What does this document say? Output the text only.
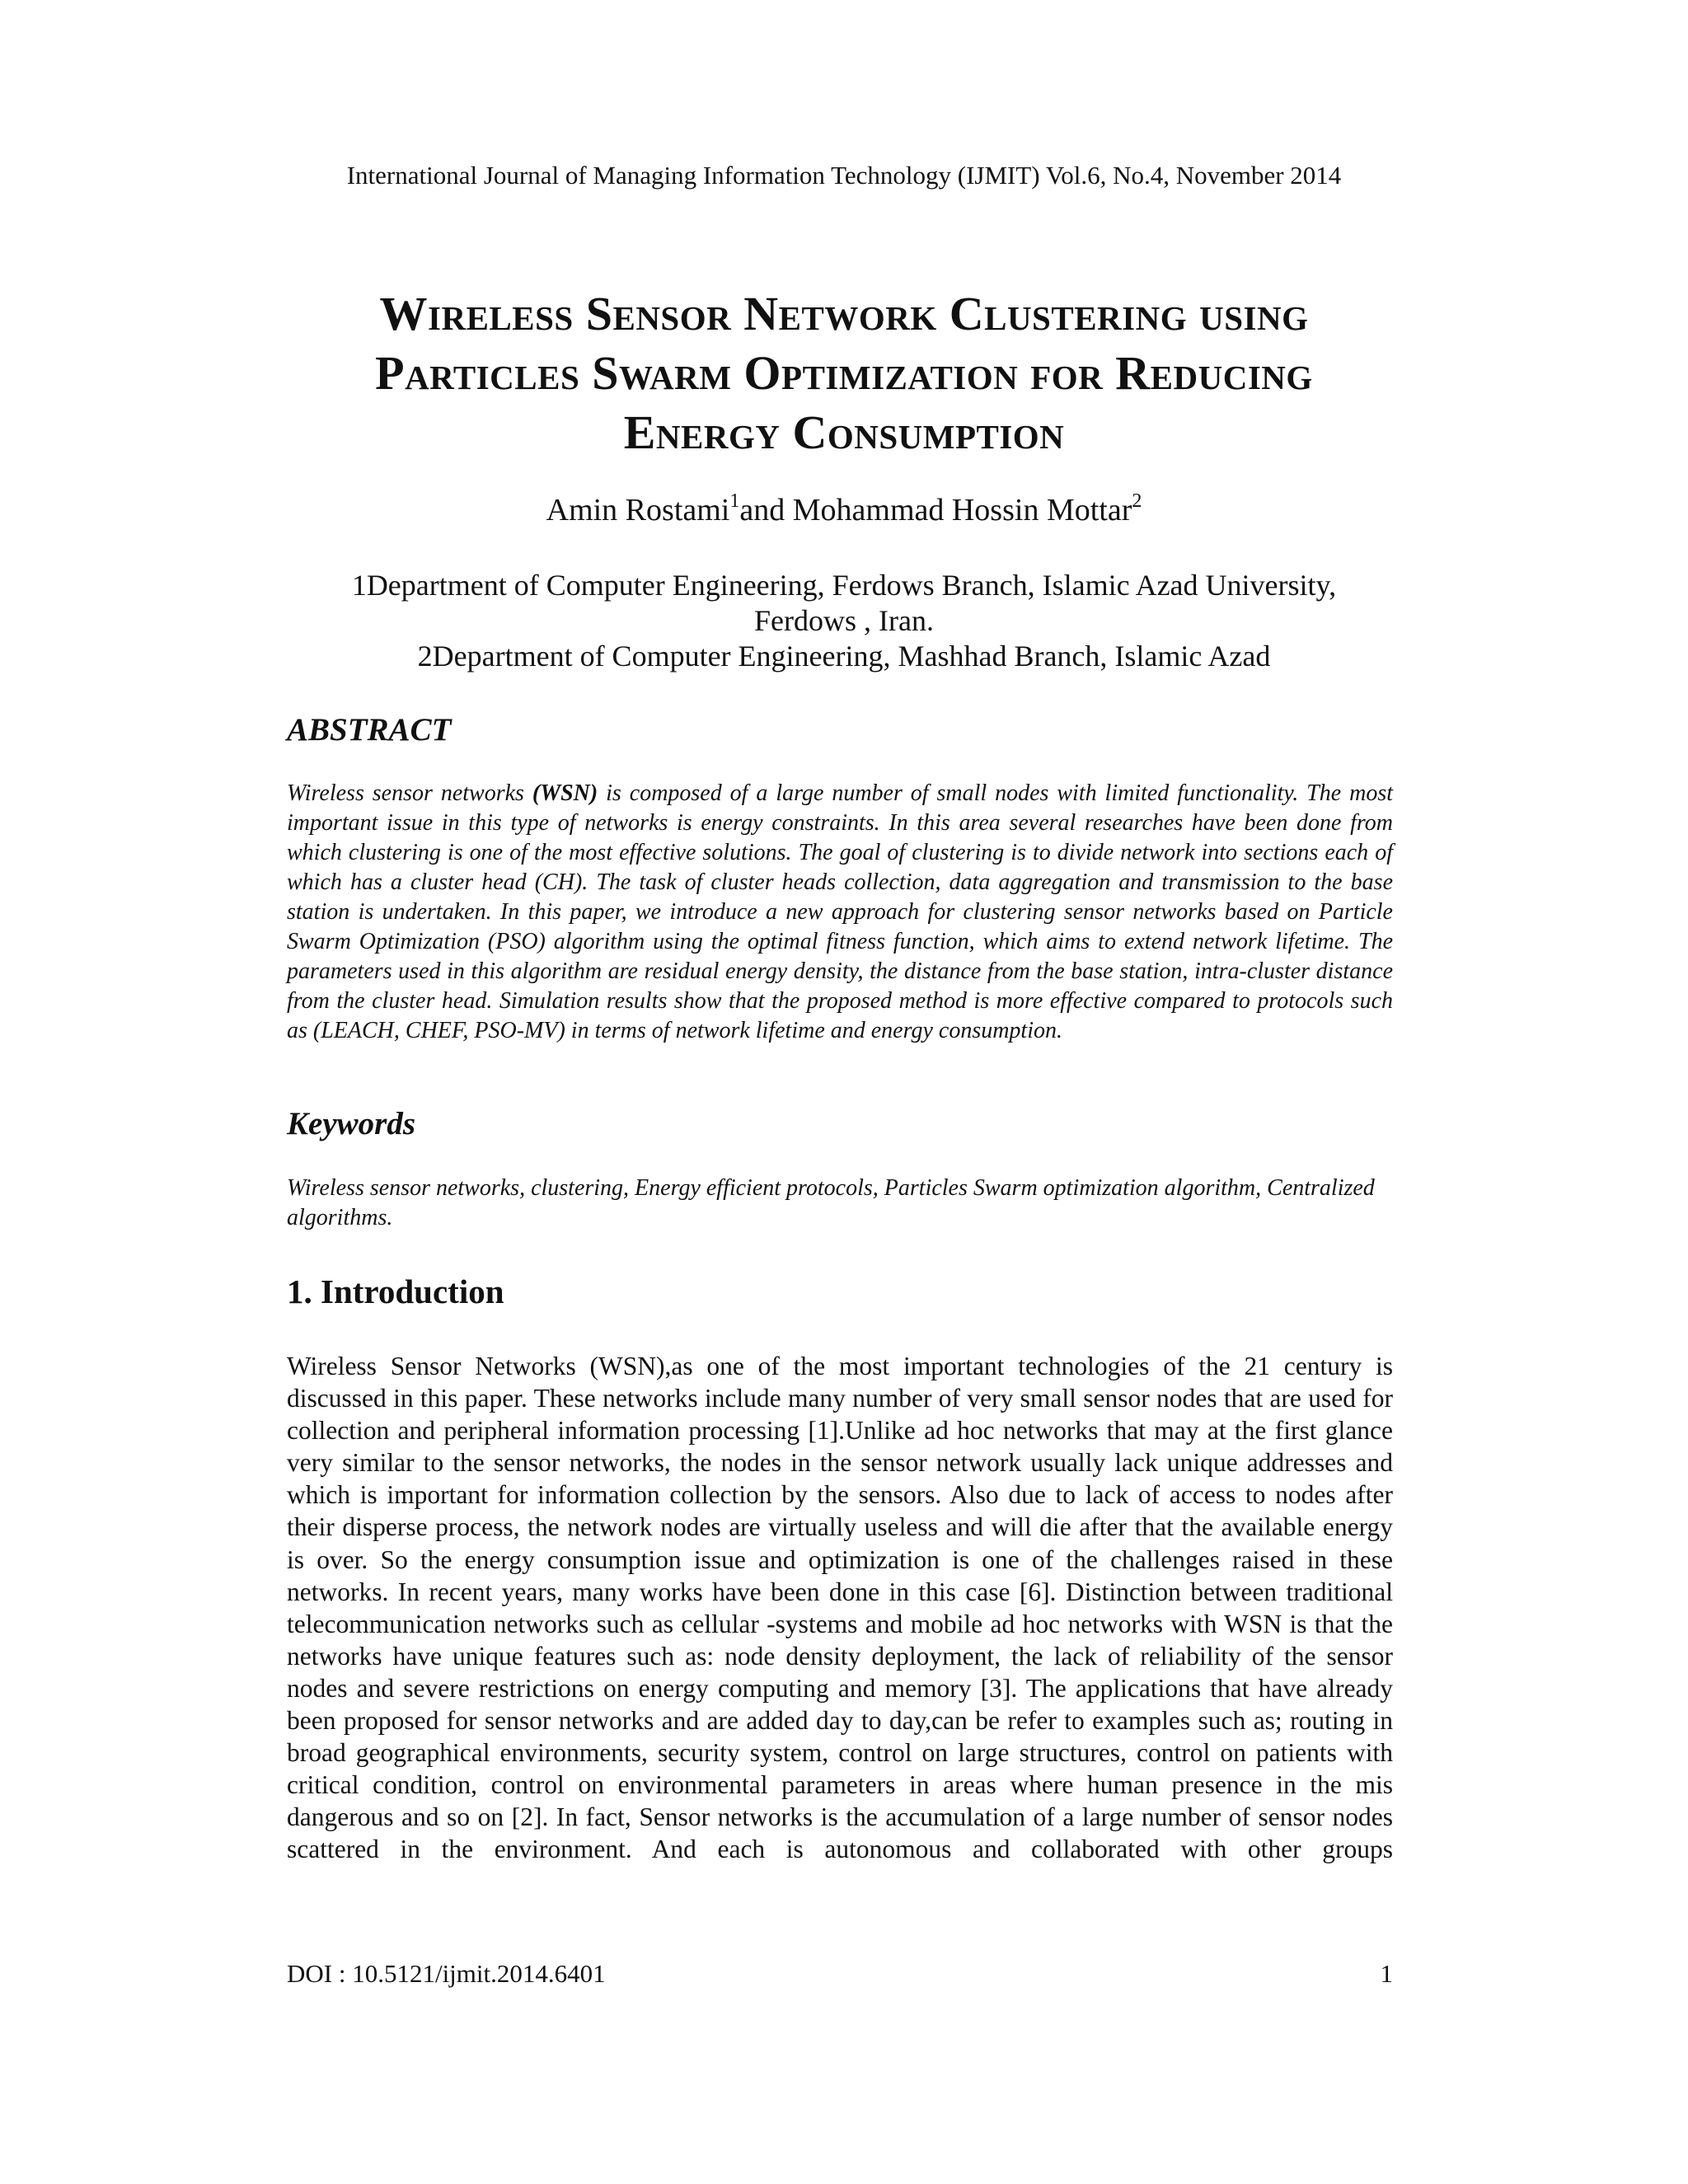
International Journal of Managing Information Technology (IJMIT) Vol.6, No.4, November 2014
Wireless Sensor Network Clustering using
Particles Swarm Optimization for Reducing
Energy Consumption
Amin Rostami$^1$and Mohammad Hossin Mottar$^2$
1Department of Computer Engineering, Ferdows Branch, Islamic Azad University,
Ferdows , Iran.
2Department of Computer Engineering, Mashhad Branch, Islamic Azad
ABSTRACT
Wireless sensor networks (WSN) is composed of a large number of small nodes with limited functionality. The most important issue in this type of networks is energy constraints. In this area several researches have been done from which clustering is one of the most effective solutions. The goal of clustering is to divide network into sections each of which has a cluster head (CH). The task of cluster heads collection, data aggregation and transmission to the base station is undertaken. In this paper, we introduce a new approach for clustering sensor networks based on Particle Swarm Optimization (PSO) algorithm using the optimal fitness function, which aims to extend network lifetime. The parameters used in this algorithm are residual energy density, the distance from the base station, intra-cluster distance from the cluster head. Simulation results show that the proposed method is more effective compared to protocols such as (LEACH, CHEF, PSO-MV) in terms of network lifetime and energy consumption.
Keywords
Wireless sensor networks, clustering, Energy efficient protocols, Particles Swarm optimization algorithm, Centralized algorithms.
1. Introduction
Wireless Sensor Networks (WSN),as one of the most important technologies of the 21 century is discussed in this paper. These networks include many number of very small sensor nodes that are used for collection and peripheral information processing [1].Unlike ad hoc networks that may at the first glance very similar to the sensor networks, the nodes in the sensor network usually lack unique addresses and which is important for information collection by the sensors. Also due to lack of access to nodes after their disperse process, the network nodes are virtually useless and will die after that the available energy is over. So the energy consumption issue and optimization is one of the challenges raised in these networks. In recent years, many works have been done in this case [6]. Distinction between traditional telecommunication networks such as cellular -systems and mobile ad hoc networks with WSN is that the networks have unique features such as: node density deployment, the lack of reliability of the sensor nodes and severe restrictions on energy computing and memory [3]. The applications that have already been proposed for sensor networks and are added day to day,can be refer to examples such as; routing in broad geographical environments, security system, control on large structures, control on patients with critical condition, control on environmental parameters in areas where human presence in the mis dangerous and so on [2]. In fact, Sensor networks is the accumulation of a large number of sensor nodes scattered in the environment. And each is autonomous and collaborated with other groups
DOI : 10.5121/ijmit.2014.6401	1
